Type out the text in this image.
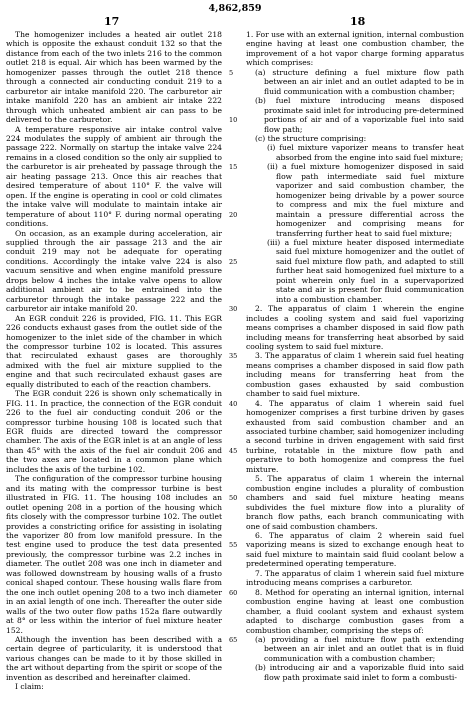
4,862,859
17	18

The homogenizer includes a heated air outlet 218 which is opposite the exhaust conduit 132 so that the distance from each of the two inlets 216 to the common outlet 218 is equal. Air which has been warmed by the homogenizer passes through the outlet 218 thence through a connected air conducting conduit 219 to a carburetor air intake manifold 220. The carburetor air intake manifold 220 has an ambient air intake 222 through which unheated ambient air can pass to be delivered to the carburetor.

A temperature responsive air intake control valve 224 modulates the supply of ambient air through the passage 222. Normally on startup the intake valve 224 remains in a closed condition so the only air supplied to the carburetor is air preheated by passage through the air heating passage 213. Once this air reaches that desired temperature of about 110° F. the valve will open. If the engine is operating in cool or cold climates the intake valve will modulate to maintain intake air temperature of about 110° F. during normal operating conditions.

On occasion, as an example during acceleration, air supplied through the air passage 213 and the air conduit 219 may not be adequate for operating conditions. Accordingly the intake valve 224 is also vacuum sensitive and when engine manifold pressure drops below 4 inches the intake valve opens to allow additional ambient air to be entrained into the carburetor through the intake passage 222 and the carburetor air intake manifold 20.

An EGR conduit 226 is provided, FIG. 11. This EGR 226 conducts exhaust gases from the outlet side of the homogenizer to the inlet side of the chamber in which the compressor turbine 102 is located. This assures that recirculated exhaust gases are thoroughly admixed with the fuel air mixture supplied to the engine and that such recirculated exhaust gases are equally distributed to each of the reaction chambers.

The EGR conduit 226 is shown only schematically in FIG. 11. In practice, the connection of the EGR conduit 226 to the fuel air conducting conduit 206 or the compressor turbine housing 108 is located such that EGR fluids are directed toward the compressor chamber. The axis of the EGR inlet is at an angle of less than 45° with the axis of the fuel air conduit 206 and the two axes are located in a common plane which includes the axis of the turbine 102.

The configuration of the compressor turbine housing and its mating with the compressor turbine is best illustrated in FIG. 11. The housing 108 includes an outlet opening 208 in a portion of the housing which fits closely with the compressor turbine 102. The outlet provides a constricting orifice for assisting in isolating the vaporizer 80 from low manifold pressure. In the test engine used to produce the test data presented previously, the compressor turbine was 2.2 inches in diameter. The outlet 208 was one inch in diameter and was followed downstream by housing walls of a frusto conical shaped contour. These housing walls flare from the one inch outlet opening 208 to a two inch diameter in an axial length of one inch. Thereafter the outer side walls of the two outer flow paths 152a flare outwardly at 8° or less within the interior of fuel mixture heater 152.

Although the invention has been described with a certain degree of particularity, it is understood that various changes can be made to it by those skilled in the art without departing from the spirit or scope of the invention as described and hereinafter claimed.

I claim:

1. For use with an external ignition, internal combustion engine having at least one combustion chamber, the improvement of a hot vapor charge forming apparatus which comprises:

(a) structure defining a fuel mixture flow path between an air inlet and an outlet adapted to be in fluid communication with a combustion chamber;

(b) fuel mixture introducing means disposed proximate said inlet for introducing pre-determined portions of air and of a vaporizable fuel into said flow path;

(c) the structure comprising:

(i) fuel mixture vaporizer means to transfer heat absorbed from the engine into said fuel mixture;

(ii) a fuel mixture homogenizer disposed in said flow path intermediate said fuel mixture vaporizer and said combustion chamber, the homogenizer being drivable by a power source to compress and mix the fuel mixture and maintain a pressure differential across the homogenizer and comprising means for transferring further heat to said fuel mixture;

(iii) a fuel mixture heater disposed intermediate said fuel mixture homogenizer and the outlet of said fuel mixture flow path, and adapted to still further heat said homogenized fuel mixture to a point wherein only fuel in a supervaporized state and air is present for fluid communication into a combustion chamber.

2. The apparatus of claim 1 wherein the engine includes a cooling system and said fuel vaporizing means comprises a chamber disposed in said flow path including means for transferring heat absorbed by said cooling system to said fuel mixture.

3. The apparatus of claim 1 wherein said fuel heating means comprises a chamber disposed in said flow path including means for transferring heat from the combustion gases exhausted by said combustion chamber to said fuel mixture.

4. The apparatus of claim 1 wherein said fuel homogenizer comprises a first turbine driven by gases exhausted from said combustion chamber and an associated turbine chamber, said homogenizer including a second turbine in driven engagement with said first turbine, rotatable in the mixture flow path and operative to both homogenize and compress the fuel mixture.

5. The apparatus of claim 1 wherein the internal combustion engine includes a plurality of combustion chambers and said fuel mixture heating means subdivides the fuel mixture flow into a plurality of branch flow paths, each branch communicating with one of said combustion chambers.

6. The apparatus of claim 2 wherein said fuel vaporizing means is sized to exchange enough heat to said fuel mixture to maintain said fluid coolant below a predetermined operating temperature.

7. The apparatus of claim 1 wherein said fuel mixture introducing means comprises a carburetor.

8. Method for operating an internal ignition, internal combustion engine having at least one combustion chamber, a fluid coolant system and exhaust system adapted to discharge combustion gases from a combustion chamber, comprising the steps of:

(a) providing a fuel mixture flow path extending between an air inlet and an outlet that is in fluid communication with a combustion chamber;

(b) introducing air and a vaporizable fluid into said flow path proximate said inlet to form a combusti-

5
10
15
20
25
30
35
40
45
50
55
60
65
